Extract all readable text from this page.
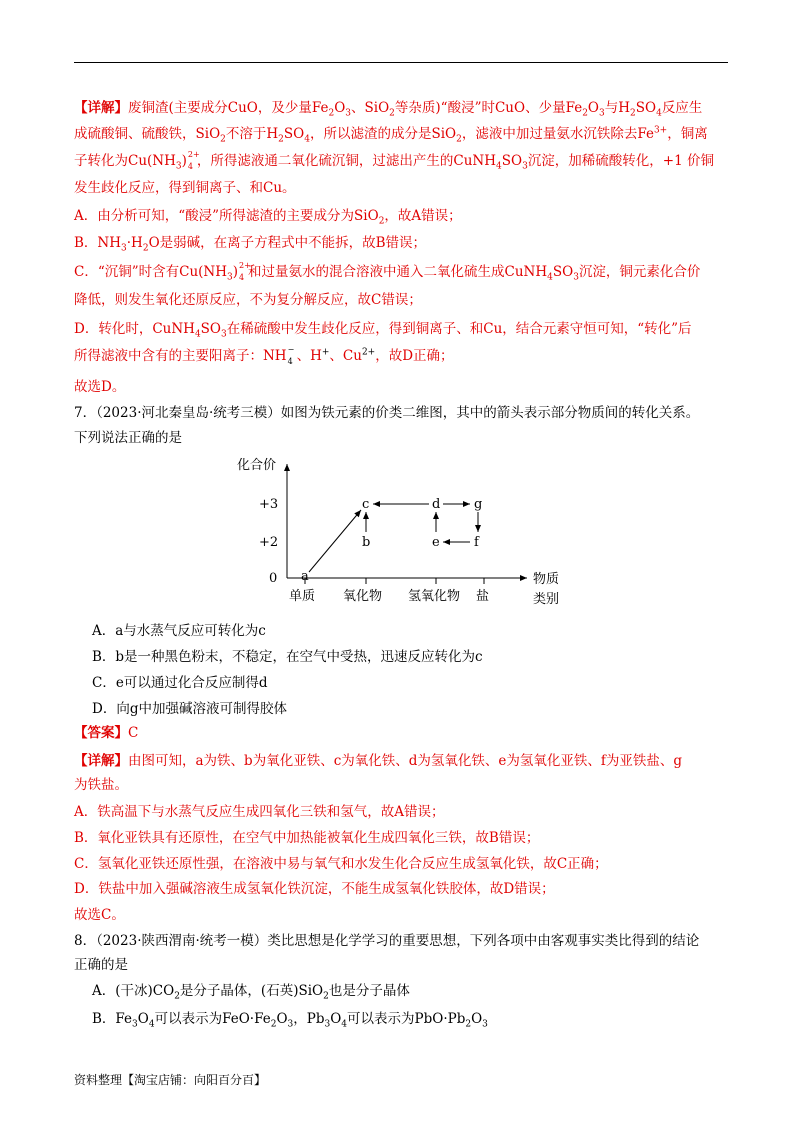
【详解】废铜渣(主要成分CuO，及少量$Fe_2O_3$、SiO$_2$等杂质)“酸浸”时CuO、少量$Fe_2O_3$与$H_2SO_4$反应生
成硫酸铜、硫酸铁，SiO$_2$不溶于$H_2SO_4$，所以滤渣的成分是SiO$_2$，滤液中加过量氨水沉铁除去$Fe^{3+}$，铜离
子转化为$Cu(NH_3)$ 2+
4 ，所得滤液通二氧化硫沉铜，过滤出产生的$CuNH_4SO_3$沉淀，加稀硫酸转化，+1 价铜
发生歧化反应，得到铜离子、和Cu。
A．由分析可知，“酸浸”所得滤渣的主要成分为SiO$_2$，故A错误；
B．$NH_3\cdot H_2O$是弱碱，在离子方程式中不能拆，故B错误；
C．“沉铜”时含有$Cu(NH_3)$ 2+
4 和过量氨水的混合溶液中通入二氧化硫生成$CuNH_4SO_3$沉淀，铜元素化合价
降低，则发生氧化还原反应，不为复分解反应，故C错误；
D．转化时，$CuNH_4SO_3$在稀硫酸中发生歧化反应，得到铜离子、和Cu，结合元素守恒可知，“转化”后
所得滤液中含有的主要阳离子：NH −
4 、H+、$Cu^{2+}$，故D正确；
故选D。
7．（2023·河北秦皇岛·统考三模）如图为铁元素的价类二维图，其中的箭头表示部分物质间的转化关系。
下列说法正确的是
化合价
+3
+2
0
单质 氧化物 氢氧化物 盐
物质
类别
a
b
c	d
e	f
g
A．a与水蒸气反应可转化为c
B．b是一种黑色粉末，不稳定，在空气中受热，迅速反应转化为c
C．e可以通过化合反应制得d
D．向g中加强碱溶液可制得胶体
【答案】C
【详解】由图可知，a为铁、b为氧化亚铁、c为氧化铁、d为氢氧化铁、e为氢氧化亚铁、f为亚铁盐、g
为铁盐。
A．铁高温下与水蒸气反应生成四氧化三铁和氢气，故A错误；
B．氧化亚铁具有还原性，在空气中加热能被氧化生成四氧化三铁，故B错误；
C．氢氧化亚铁还原性强，在溶液中易与氧气和水发生化合反应生成氢氧化铁，故C正确；
D．铁盐中加入强碱溶液生成氢氧化铁沉淀，不能生成氢氧化铁胶体，故D错误；
故选C。
8．（2023·陕西渭南·统考一模）类比思想是化学学习的重要思想，下列各项中由客观事实类比得到的结论
正确的是
A．(干冰)$CO_2$是分子晶体，(石英)SiO$_2$也是分子晶体
B．$Fe_3O_4$可以表示为$FeO\cdot Fe_2O_3$，$Pb_3O_4$可以表示为$PbO\cdot Pb_2O_3$
资料整理【淘宝店铺：向阳百分百】
